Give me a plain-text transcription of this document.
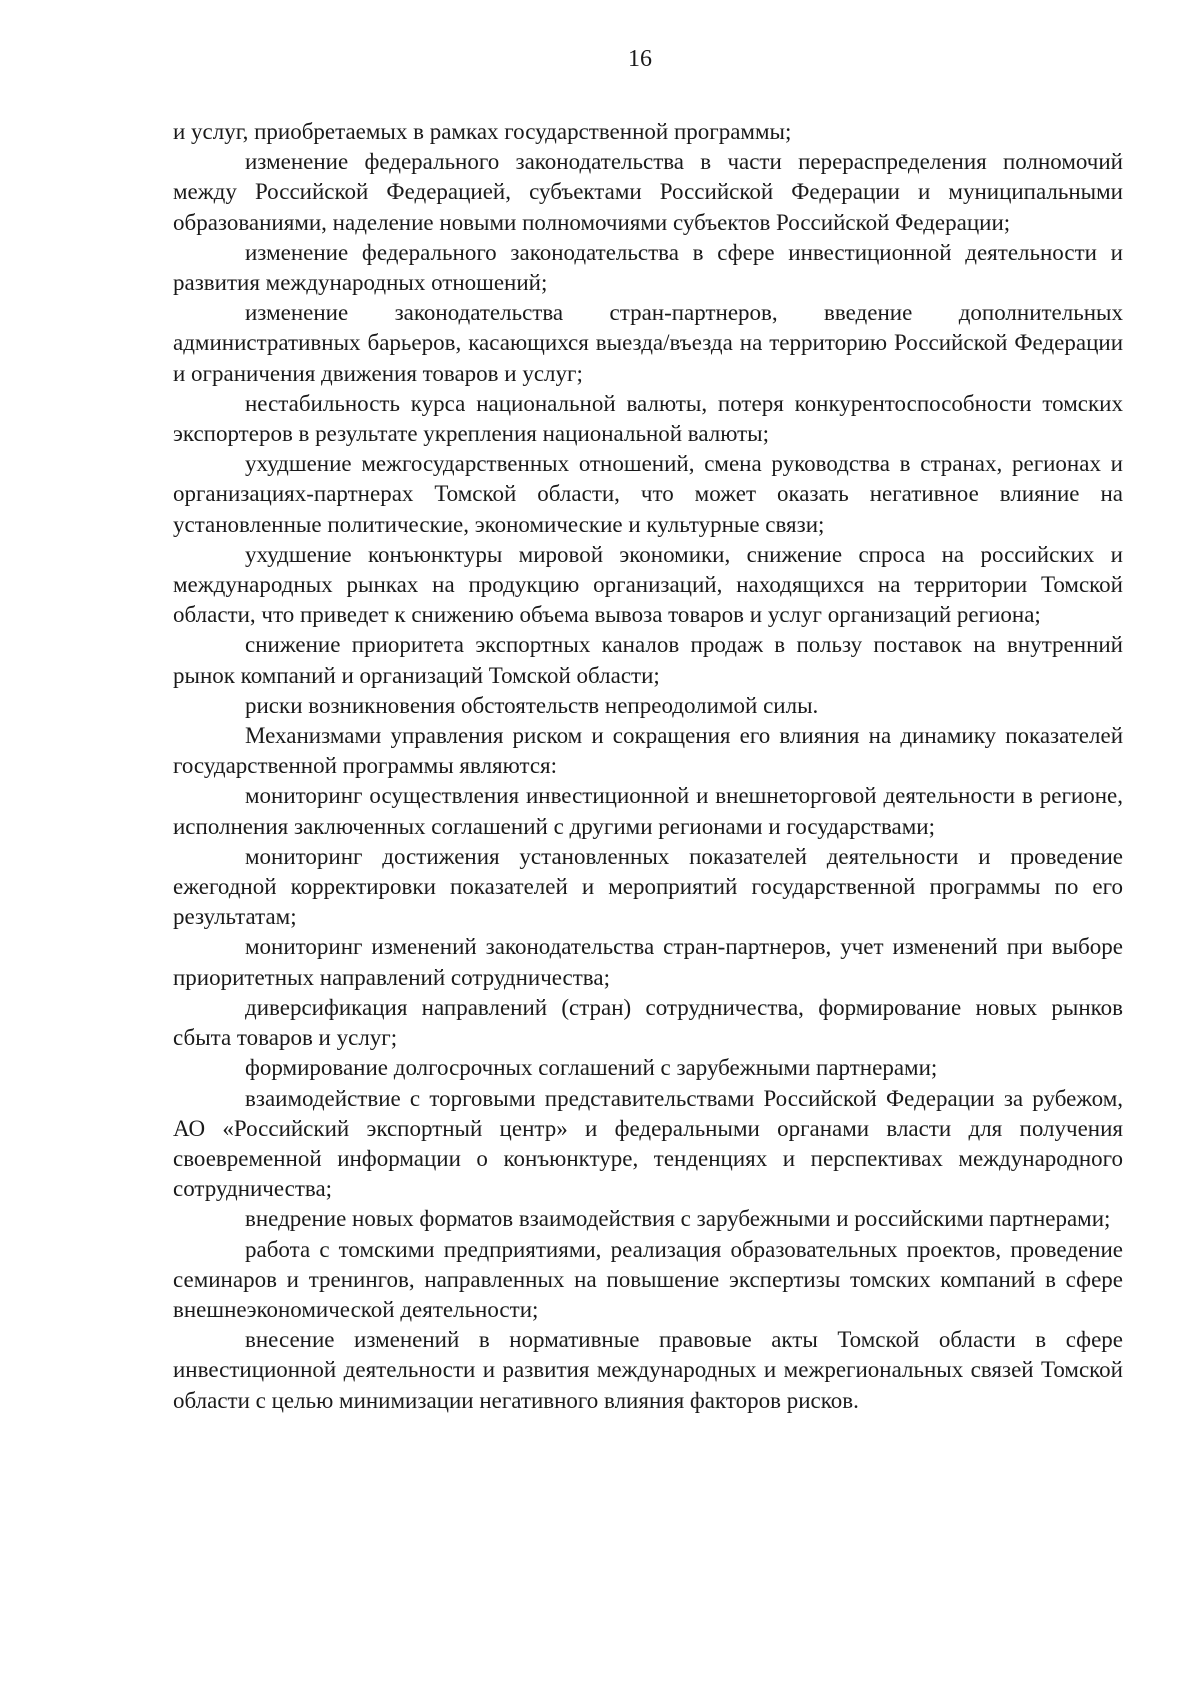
16

и услуг, приобретаемых в рамках государственной программы;

изменение федерального законодательства в части перераспределения полномочий между Российской Федерацией, субъектами Российской Федерации и муниципальными образованиями, наделение новыми полномочиями субъектов Российской Федерации;

изменение федерального законодательства в сфере инвестиционной деятельности и развития международных отношений;

изменение законодательства стран-партнеров, введение дополнительных административных барьеров, касающихся выезда/въезда на территорию Российской Федерации и ограничения движения товаров и услуг;

нестабильность курса национальной валюты, потеря конкурентоспособности томских экспортеров в результате укрепления национальной валюты;

ухудшение межгосударственных отношений, смена руководства в странах, регионах и организациях-партнерах Томской области, что может оказать негативное влияние на установленные политические, экономические и культурные связи;

ухудшение конъюнктуры мировой экономики, снижение спроса на российских и международных рынках на продукцию организаций, находящихся на территории Томской области, что приведет к снижению объема вывоза товаров и услуг организаций региона;

снижение приоритета экспортных каналов продаж в пользу поставок на внутренний рынок компаний и организаций Томской области;

риски возникновения обстоятельств непреодолимой силы.

Механизмами управления риском и сокращения его влияния на динамику показателей государственной программы являются:

мониторинг осуществления инвестиционной и внешнеторговой деятельности в регионе, исполнения заключенных соглашений с другими регионами и государствами;

мониторинг достижения установленных показателей деятельности и проведение ежегодной корректировки показателей и мероприятий государственной программы по его результатам;

мониторинг изменений законодательства стран-партнеров, учет изменений при выборе приоритетных направлений сотрудничества;

диверсификация направлений (стран) сотрудничества, формирование новых рынков сбыта товаров и услуг;

формирование долгосрочных соглашений с зарубежными партнерами;

взаимодействие с торговыми представительствами Российской Федерации за рубежом, АО «Российский экспортный центр» и федеральными органами власти для получения своевременной информации о конъюнктуре, тенденциях и перспективах международного сотрудничества;

внедрение новых форматов взаимодействия с зарубежными и российскими партнерами;

работа с томскими предприятиями, реализация образовательных проектов, проведение семинаров и тренингов, направленных на повышение экспертизы томских компаний в сфере внешнеэкономической деятельности;

внесение изменений в нормативные правовые акты Томской области в сфере инвестиционной деятельности и развития международных и межрегиональных связей Томской области с целью минимизации негативного влияния факторов рисков.
